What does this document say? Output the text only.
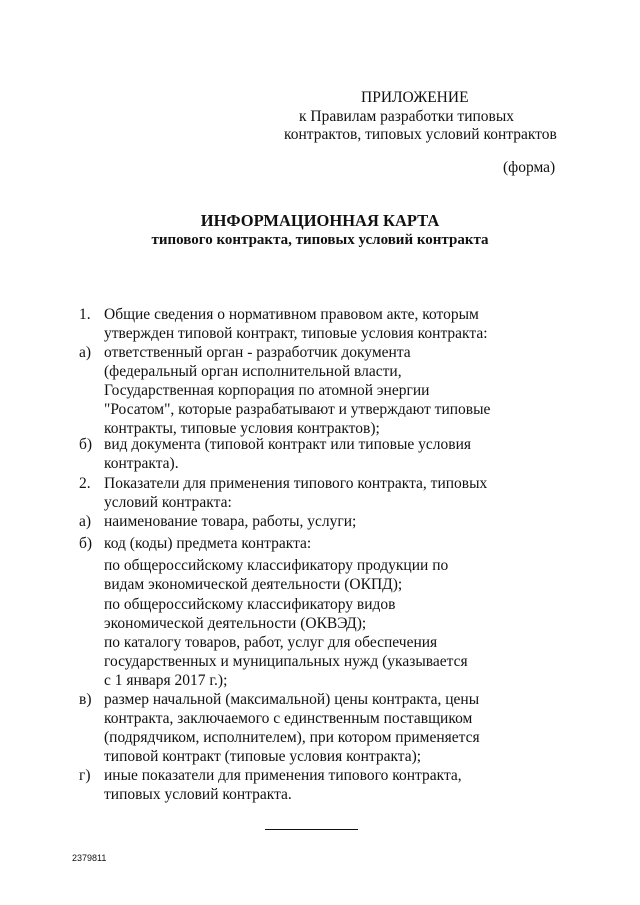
ПРИЛОЖЕНИЕ
к Правилам разработки типовых
контрактов, типовых условий контрактов
(форма)
ИНФОРМАЦИОННАЯ КАРТА
типового контракта, типовых условий контракта
1. Общие сведения о нормативном правовом акте, которым
утвержден типовой контракт, типовые условия контракта:
а) ответственный орган - разработчик документа
(федеральный орган исполнительной власти,
Государственная корпорация по атомной энергии
"Росатом", которые разрабатывают и утверждают типовые
контракты, типовые условия контрактов);
б) вид документа (типовой контракт или типовые условия
контракта).
2. Показатели для применения типового контракта, типовых
условий контракта:
а) наименование товара, работы, услуги;
б) код (коды) предмета контракта:
по общероссийскому классификатору продукции по
видам экономической деятельности (ОКПД);
по общероссийскому классификатору видов
экономической деятельности (ОКВЭД);
по каталогу товаров, работ, услуг для обеспечения
государственных и муниципальных нужд (указывается
с 1 января 2017 г.);
в) размер начальной (максимальной) цены контракта, цены
контракта, заключаемого с единственным поставщиком
(подрядчиком, исполнителем), при котором применяется
типовой контракт (типовые условия контракта);
г) иные показатели для применения типового контракта,
типовых условий контракта.
2379811
